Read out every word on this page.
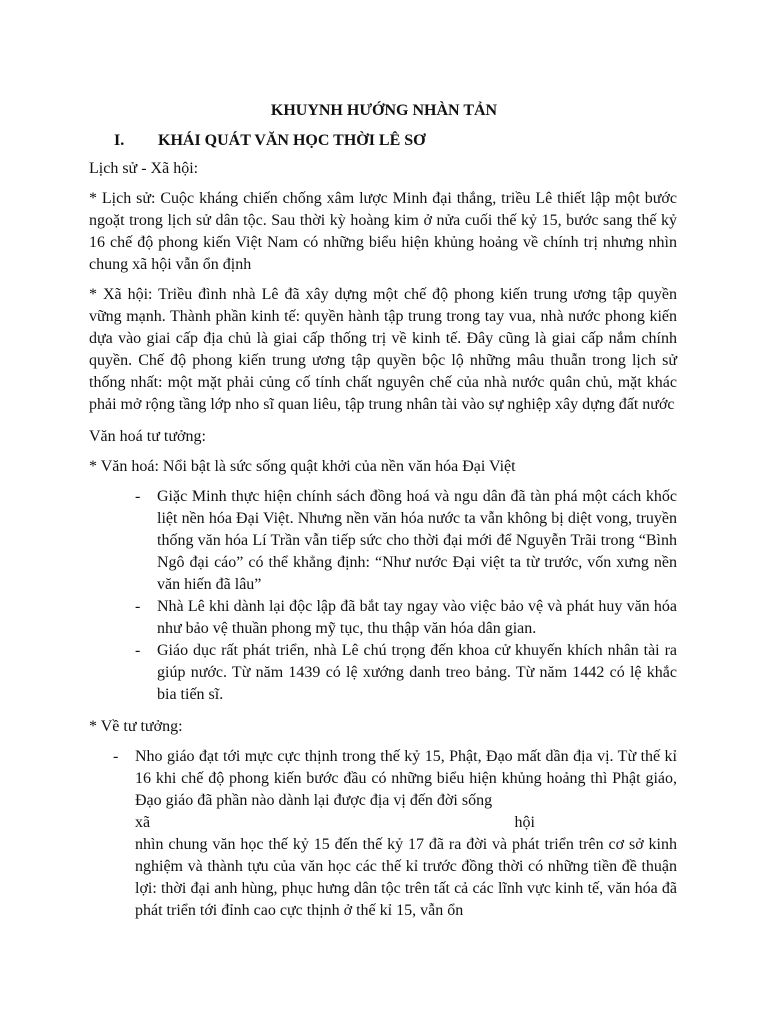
KHUYNH HƯỚNG NHÀN TẢN
I. KHÁI QUÁT VĂN HỌC THỜI LÊ SƠ

Lịch sử - Xã hội:

* Lịch sử: Cuộc kháng chiến chống xâm lược Minh đại thắng, triều Lê thiết lập một bước ngoặt trong lịch sử dân tộc. Sau thời kỳ hoàng kim ở nửa cuối thế kỷ 15, bước sang thế kỷ 16 chế độ phong kiến Việt Nam có những biểu hiện khủng hoảng về chính trị nhưng nhìn chung xã hội vẫn ổn định

* Xã hội: Triều đình nhà Lê đã xây dựng một chế độ phong kiến trung ương tập quyền vững mạnh. Thành phần kinh tế: quyền hành tập trung trong tay vua, nhà nước phong kiến dựa vào giai cấp địa chủ là giai cấp thống trị về kinh tế. Đây cũng là giai cấp nắm chính quyền. Chế độ phong kiến trung ương tập quyền bộc lộ những mâu thuẫn trong lịch sử thống nhất: một mặt phải củng cố tính chất nguyên chế của nhà nước quân chủ, mặt khác phải mở rộng tầng lớp nho sĩ quan liêu, tập trung nhân tài vào sự nghiệp xây dựng đất nước

Văn hoá tư tưởng:

* Văn hoá: Nổi bật là sức sống quật khởi của nền văn hóa Đại Việt

- Giặc Minh thực hiện chính sách đồng hoá và ngu dân đã tàn phá một cách khốc liệt nền hóa Đại Việt. Nhưng nền văn hóa nước ta vẫn không bị diệt vong, truyền thống văn hóa Lí Trần vẫn tiếp sức cho thời đại mới để Nguyễn Trãi trong “Bình Ngô đại cáo” có thể khẳng định: “Như nước Đại việt ta từ trước, vốn xưng nền văn hiến đã lâu”
- Nhà Lê khi dành lại độc lập đã bắt tay ngay vào việc bảo vệ và phát huy văn hóa như bảo vệ thuần phong mỹ tục, thu thập văn hóa dân gian.
- Giáo dục rất phát triển, nhà Lê chú trọng đến khoa cử khuyến khích nhân tài ra giúp nước. Từ năm 1439 có lệ xướng danh treo bảng. Từ năm 1442 có lệ khắc bia tiến sĩ.

* Về tư tưởng:

- Nho giáo đạt tới mực cực thịnh trong thế kỷ 15, Phật, Đạo mất dần địa vị. Từ thế kỉ 16 khi chế độ phong kiến bước đầu có những biểu hiện khủng hoảng thì Phật giáo, Đạo giáo đã phần nào dành lại được địa vị đến đời sống
xã	hội
nhìn chung văn học thế kỷ 15 đến thế kỷ 17 đã ra đời và phát triển trên cơ sở kinh nghiệm và thành tựu của văn học các thế kỉ trước đồng thời có những tiền đề thuận lợi: thời đại anh hùng, phục hưng dân tộc trên tất cả các lĩnh vực kinh tế, văn hóa đã phát triển tới đỉnh cao cực thịnh ở thế kỉ 15, vẫn ổn
